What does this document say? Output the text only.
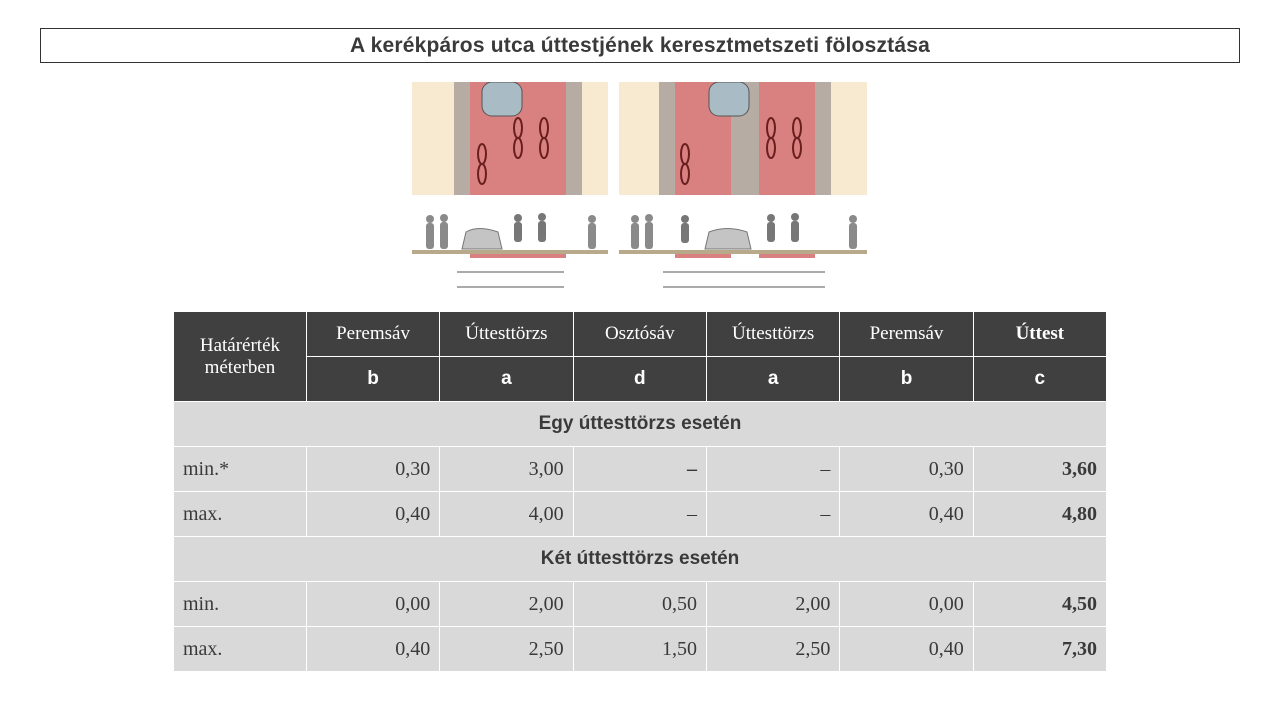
A kerékpáros utca úttestjének keresztmetszeti fölosztása
Határérték méterben	Peremsáv	Úttesttörzs	Osztósáv	Úttesttörzs	Peremsáv	Úttest
	b	a	d	a	b	c
Egy úttesttörzs esetén						
min.*	0,30	3,00	–	–	0,30	3,60
max.	0,40	4,00	–	–	0,40	4,80
Két úttesttörzs esetén						
min.	0,00	2,00	0,50	2,00	0,00	4,50
max.	0,40	2,50	1,50	2,50	0,40	7,30
